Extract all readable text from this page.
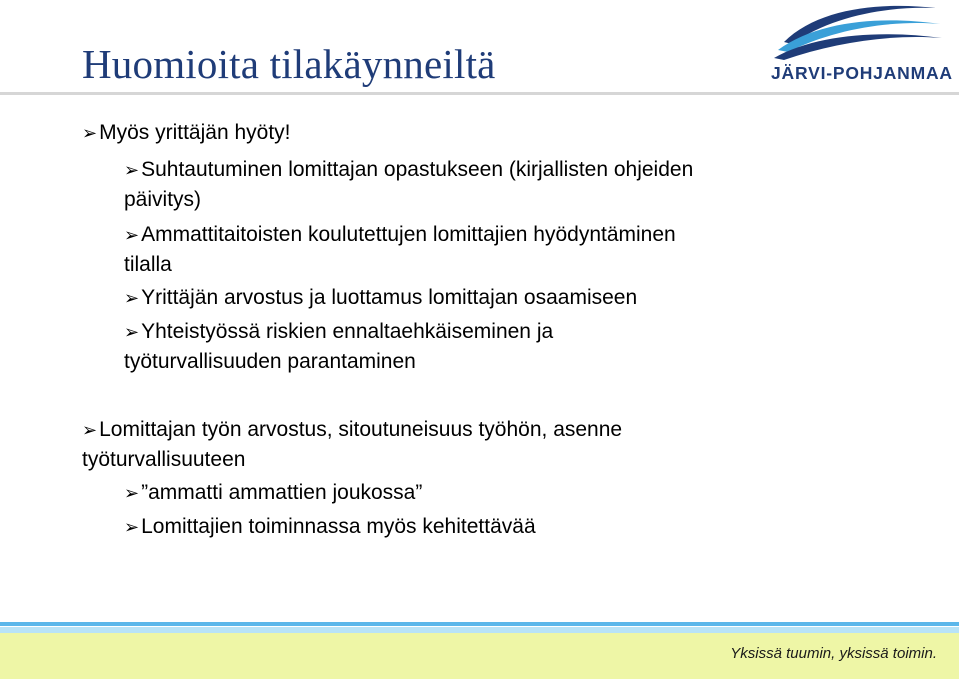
Huomioita tilakäynneiltä	JÄRVI-POHJANMAA
➢Myös yrittäjän hyöty!
➢Suhtautuminen lomittajan opastukseen (kirjallisten ohjeiden
päivitys)
➢Ammattitaitoisten koulutettujen lomittajien hyödyntäminen
tilalla
➢Yrittäjän arvostus ja luottamus lomittajan osaamiseen
➢Yhteistyössä riskien ennaltaehkäiseminen ja
työturvallisuuden parantaminen
➢Lomittajan työn arvostus, sitoutuneisuus työhön, asenne
työturvallisuuteen
➢”ammatti ammattien joukossa”
➢Lomittajien toiminnassa myös kehitettävää
Yksissä tuumin, yksissä toimin.
